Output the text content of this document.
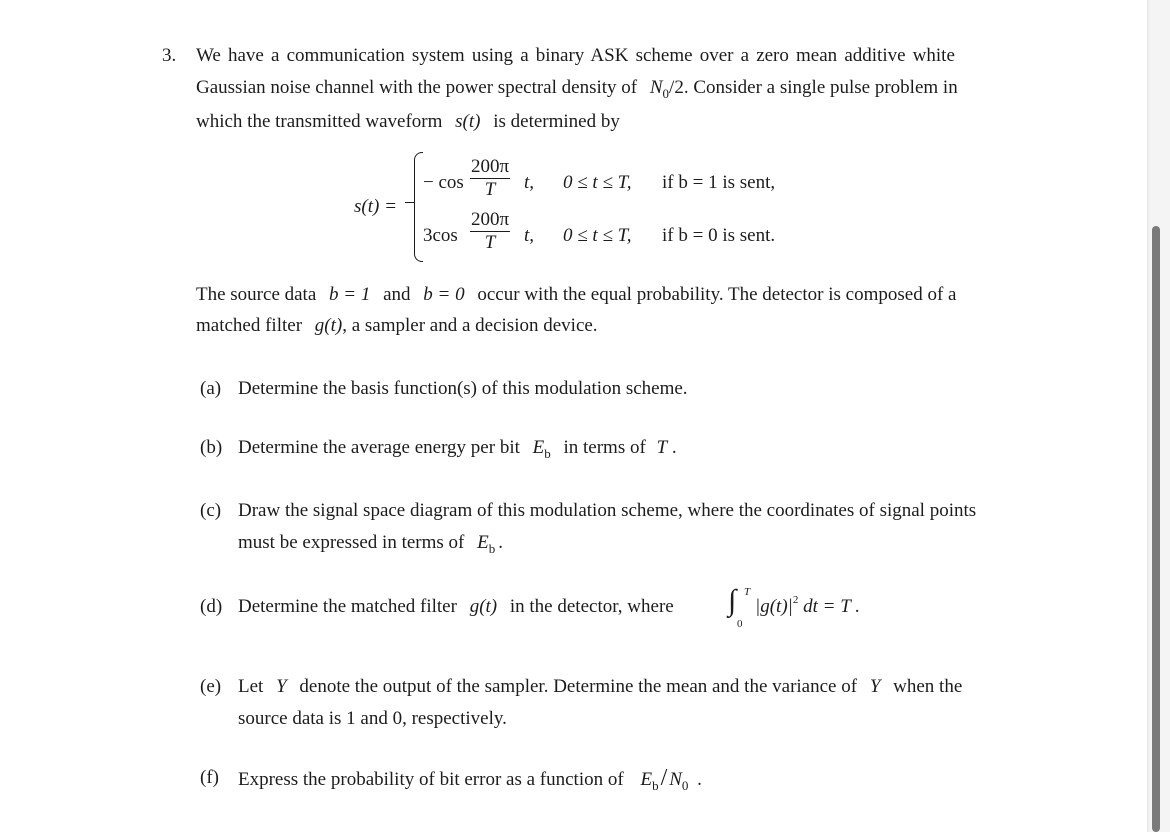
3. We have a communication system using a binary ASK scheme over a zero mean additive white
Gaussian noise channel with the power spectral density of $N_0/2$. Consider a single pulse problem in
which the transmitted waveform s(t) is determined by
s(t) =
− $\cos \frac{200\pi}{T} t$, 0 ≤ t ≤ T, if b = 1 is sent,
$3\cos \frac{200\pi}{T} t$, 0 ≤ t ≤ T, if b = 0 is sent.
The source data b = 1 and b = 0 occur with the equal probability. The detector is composed of a
matched filter g(t), a sampler and a decision device.
(a) Determine the basis function(s) of this modulation scheme.
(b) Determine the average energy per bit $E_b$ in terms of T .
(c) Draw the signal space diagram of this modulation scheme, where the coordinates of signal points
must be expressed in terms of $E_b$ .
(d) Determine the matched filter g(t) in the detector, where ∫ T
0
$|g(t)|^2$ dt = T .
(e) Let Y denote the output of the sampler. Determine the mean and the variance of Y when the
source data is 1 and 0, respectively.
(f) Express the probability of bit error as a function of $E_b/$ $N_0$ .
